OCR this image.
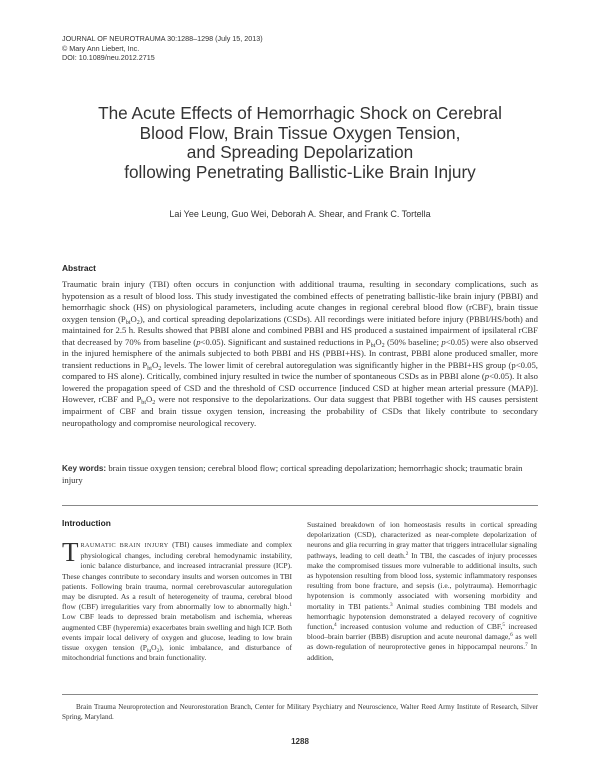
JOURNAL OF NEUROTRAUMA 30:1288–1298 (July 15, 2013)
© Mary Ann Liebert, Inc.
DOI: 10.1089/neu.2012.2715
The Acute Effects of Hemorrhagic Shock on Cerebral
Blood Flow, Brain Tissue Oxygen Tension,
and Spreading Depolarization
following Penetrating Ballistic-Like Brain Injury
Lai Yee Leung, Guo Wei, Deborah A. Shear, and Frank C. Tortella
Abstract
Traumatic brain injury (TBI) often occurs in conjunction with additional trauma, resulting in secondary complications, such as hypotension as a result of blood loss. This study investigated the combined effects of penetrating ballistic-like brain injury (PBBI) and hemorrhagic shock (HS) on physiological parameters, including acute changes in regional cerebral blood flow (rCBF), brain tissue oxygen tension $(P_{bt}O_2)$, and cortical spreading depolarizations (CSDs). All recordings were initiated before injury (PBBI/HS/both) and maintained for 2.5 h. Results showed that PBBI alone and combined PBBI and HS produced a sustained impairment of ipsilateral rCBF that decreased by 70% from baseline (p<0.05). Significant and sustained reductions in $P_{bt}O_2$ (50% baseline; p<0.05) were also observed in the injured hemisphere of the animals subjected to both PBBI and HS (PBBI+HS). In contrast, PBBI alone produced smaller, more transient reductions in $P_{bt}O_2$ levels. The lower limit of cerebral autoregulation was significantly higher in the PBBI+HS group (p<0.05, compared to HS alone). Critically, combined injury resulted in twice the number of spontaneous CSDs as in PBBI alone (p<0.05). It also lowered the propagation speed of CSD and the threshold of CSD occurrence [induced CSD at higher mean arterial pressure (MAP)]. However, rCBF and $P_{bt}O_2$ were not responsive to the depolarizations. Our data suggest that PBBI together with HS causes persistent impairment of CBF and brain tissue oxygen tension, increasing the probability of CSDs that likely contribute to secondary neuropathology and compromise neurological recovery.
Key words: brain tissue oxygen tension; cerebral blood flow; cortical spreading depolarization; hemorrhagic shock; traumatic brain injury
Introduction
TRAUMATIC BRAIN INJURY (TBI) causes immediate and complex physiological changes, including cerebral hemodynamic instability, ionic balance disturbance, and increased intracranial pressure (ICP). These changes contribute to secondary insults and worsen outcomes in TBI patients. Following brain trauma, normal cerebrovascular autoregulation may be disrupted. As a result of heterogeneity of trauma, cerebral blood flow (CBF) irregularities vary from abnormally low to abnormally high.$^1$ Low CBF leads to depressed brain metabolism and ischemia, whereas augmented CBF (hyperemia) exacerbates brain swelling and high ICP. Both events impair local delivery of oxygen and glucose, leading to low brain tissue oxygen tension $(P_{bt}O_2)$, ionic imbalance, and disturbance of mitochondrial functions and brain functionality.
Sustained breakdown of ion homeostasis results in cortical spreading depolarization (CSD), characterized as near-complete depolarization of neurons and glia recurring in gray matter that triggers intracellular signaling pathways, leading to cell death.$^2$ In TBI, the cascades of injury processes make the compromised tissues more vulnerable to additional insults, such as hypotension resulting from blood loss, systemic inflammatory responses resulting from bone fracture, and sepsis (i.e., polytrauma). Hemorrhagic hypotension is commonly associated with worsening morbidity and mortality in TBI patients.$^3$ Animal studies combining TBI models and hemorrhagic hypotension demonstrated a delayed recovery of cognitive function,$^4$ increased contusion volume and reduction of CBF,$^5$ increased blood–brain barrier (BBB) disruption and acute neuronal damage,$^6$ as well as down-regulation of neuroprotective genes in hippocampal neurons.$^7$ In addition,
Brain Trauma Neuroprotection and Neurorestoration Branch, Center for Military Psychiatry and Neuroscience, Walter Reed Army Institute of Research, Silver Spring, Maryland.
1288
